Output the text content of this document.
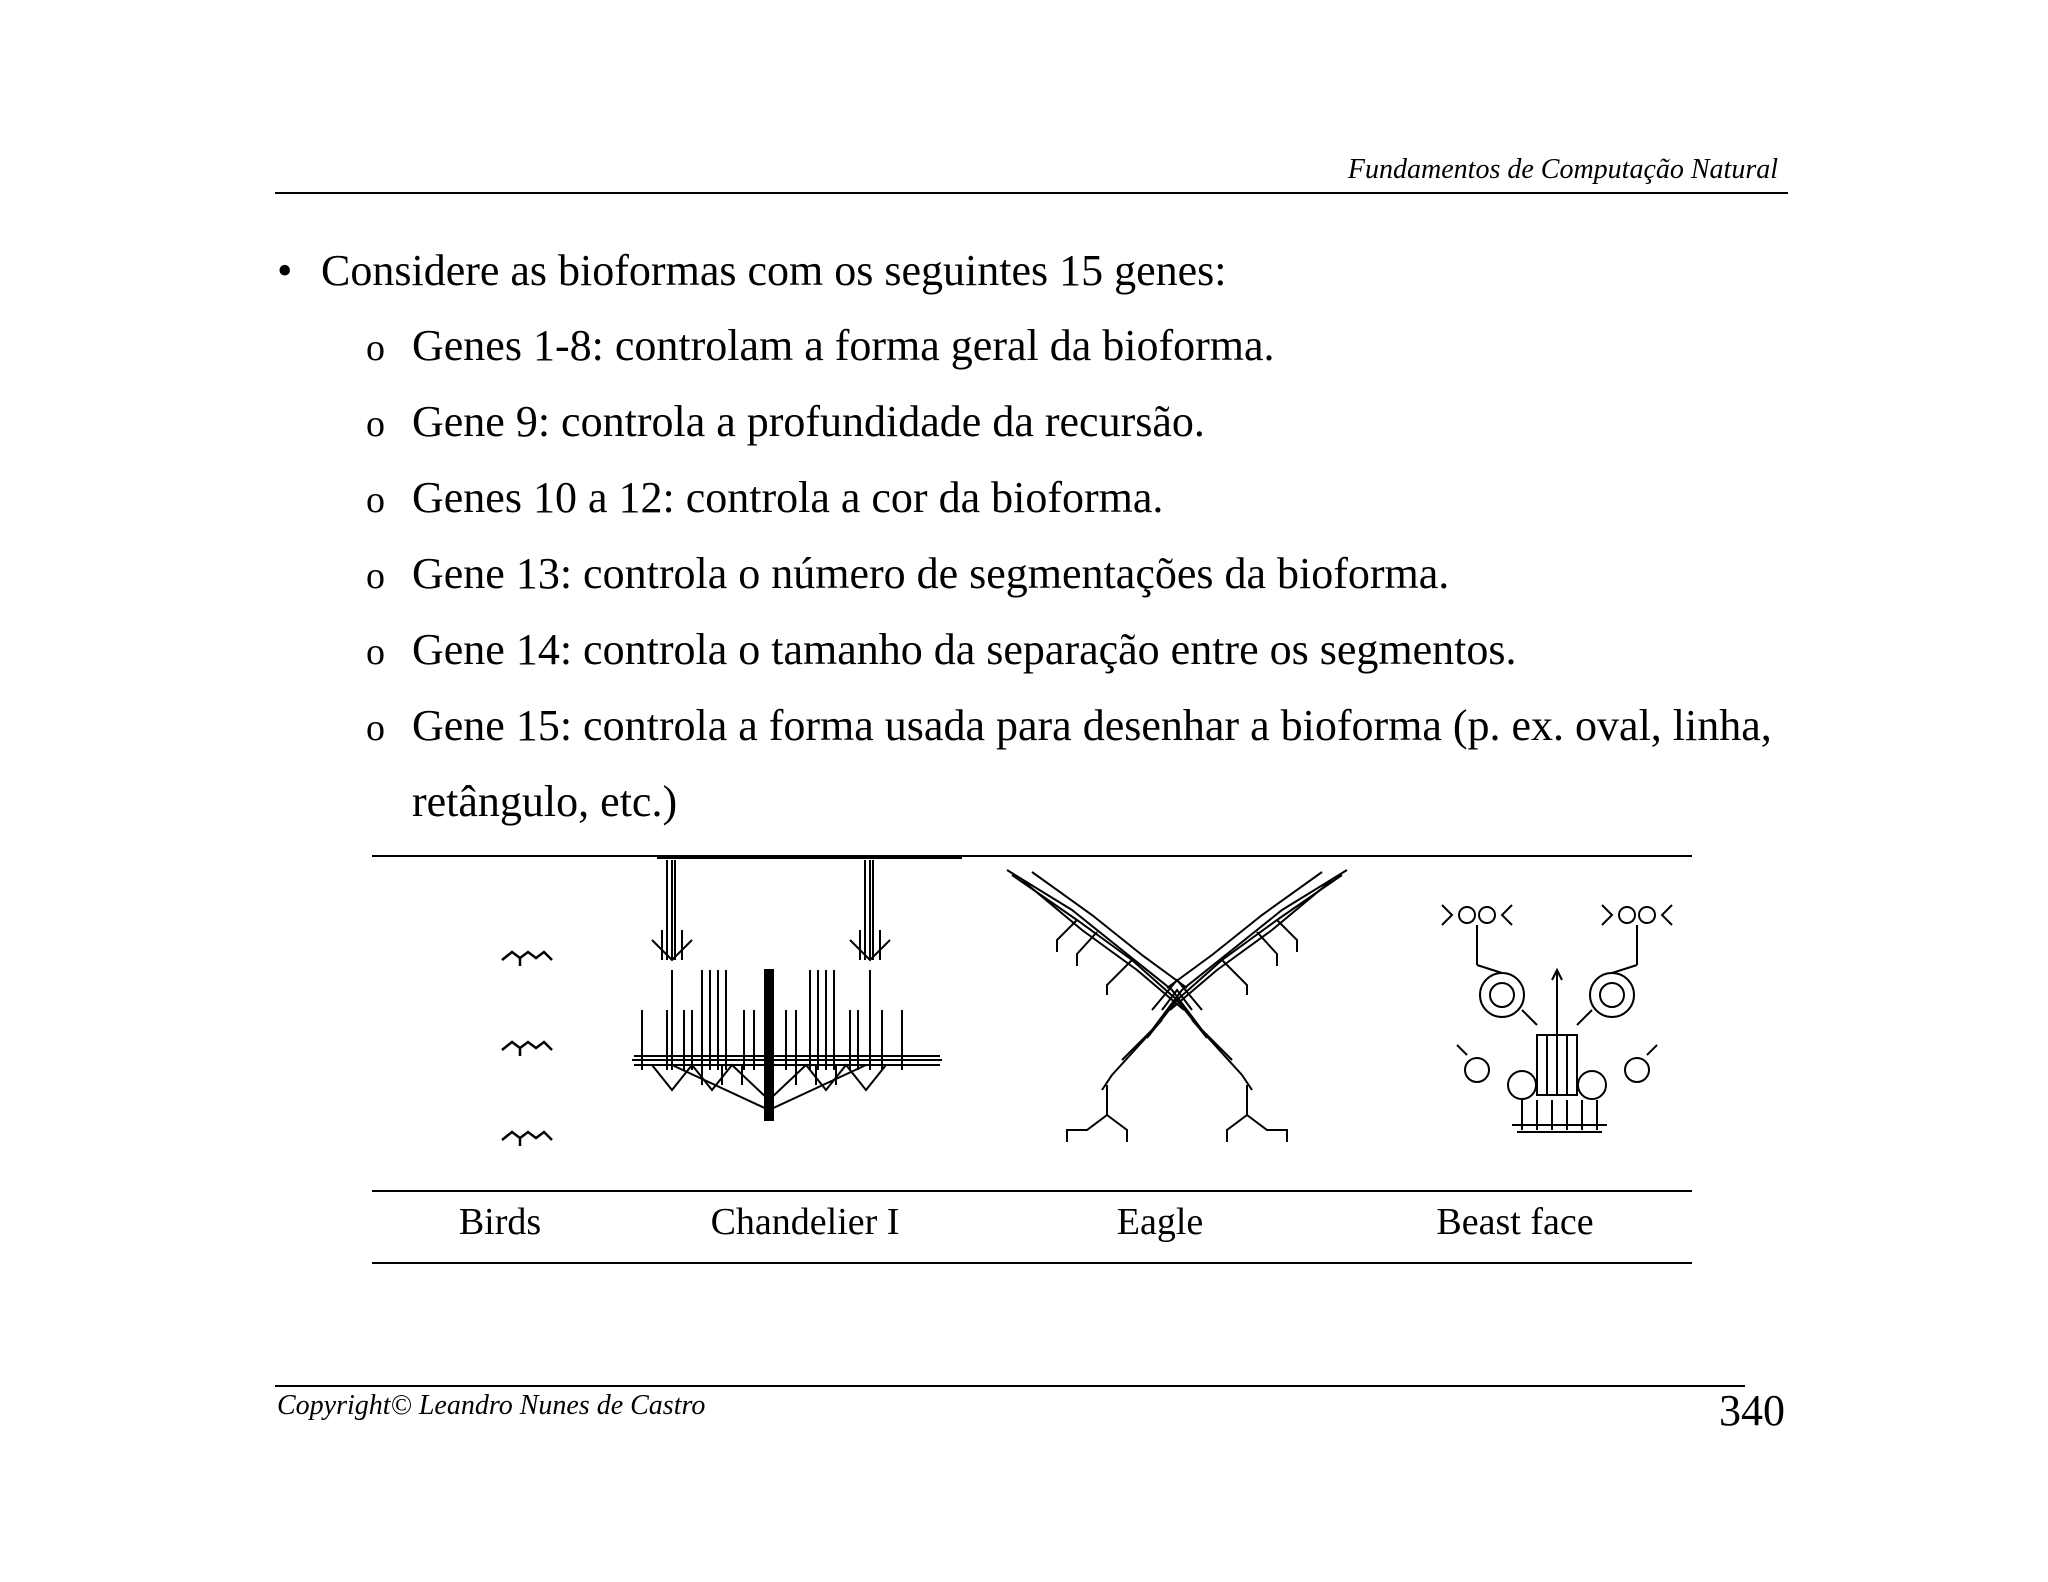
Fundamentos de Computação Natural
• Considere as bioformas com os seguintes 15 genes:
o Genes 1-8: controlam a forma geral da bioforma.
o Gene 9: controla a profundidade da recursão.
o Genes 10 a 12: controla a cor da bioforma.
o Gene 13: controla o número de segmentações da bioforma.
o Gene 14: controla o tamanho da separação entre os segmentos.
o Gene 15: controla a forma usada para desenhar a bioforma (p. ex. oval, linha,
retângulo, etc.)
Birds	Chandelier I	Eagle	Beast face
Copyright© Leandro Nunes de Castro	340
